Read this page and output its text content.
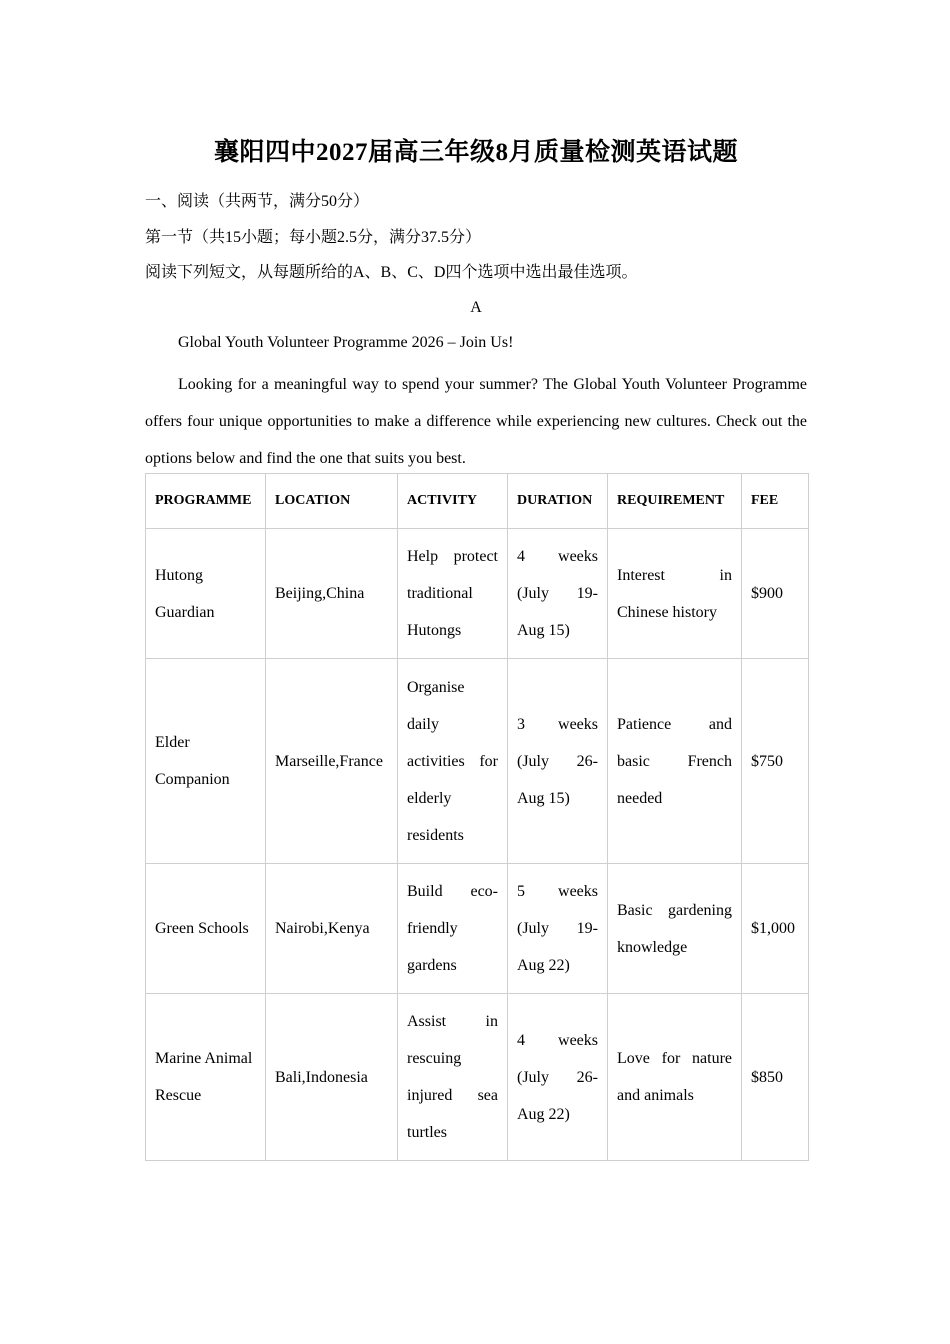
襄阳四中2027届高三年级8月质量检测英语试题
一、阅读（共两节，满分50分）
第一节（共15小题；每小题2.5分，满分37.5分）
阅读下列短文，从每题所给的A、B、C、D四个选项中选出最佳选项。
A
Global Youth Volunteer Programme 2026 – Join Us!
Looking for a meaningful way to spend your summer? The Global Youth Volunteer Programme offers four unique opportunities to make a difference while experiencing new cultures. Check out the options below and find the one that suits you best.
PROGRAMME	LOCATION	ACTIVITY	DURATION	REQUIREMENT	FEE
Hutong Guardian	Beijing,China	Help protect traditional Hutongs	4 weeks (July 19-Aug 15)	Interest in Chinese history	$900
Elder Companion	Marseille,France	Organise daily activities for elderly residents	3 weeks (July 26-Aug 15)	Patience and basic French needed	$750
Green Schools	Nairobi,Kenya	Build eco-friendly gardens	5 weeks (July 19-Aug 22)	Basic gardening knowledge	$1,000
Marine Animal Rescue	Bali,Indonesia	Assist in rescuing injured sea turtles	4 weeks (July 26-Aug 22)	Love for nature and animals	$850
